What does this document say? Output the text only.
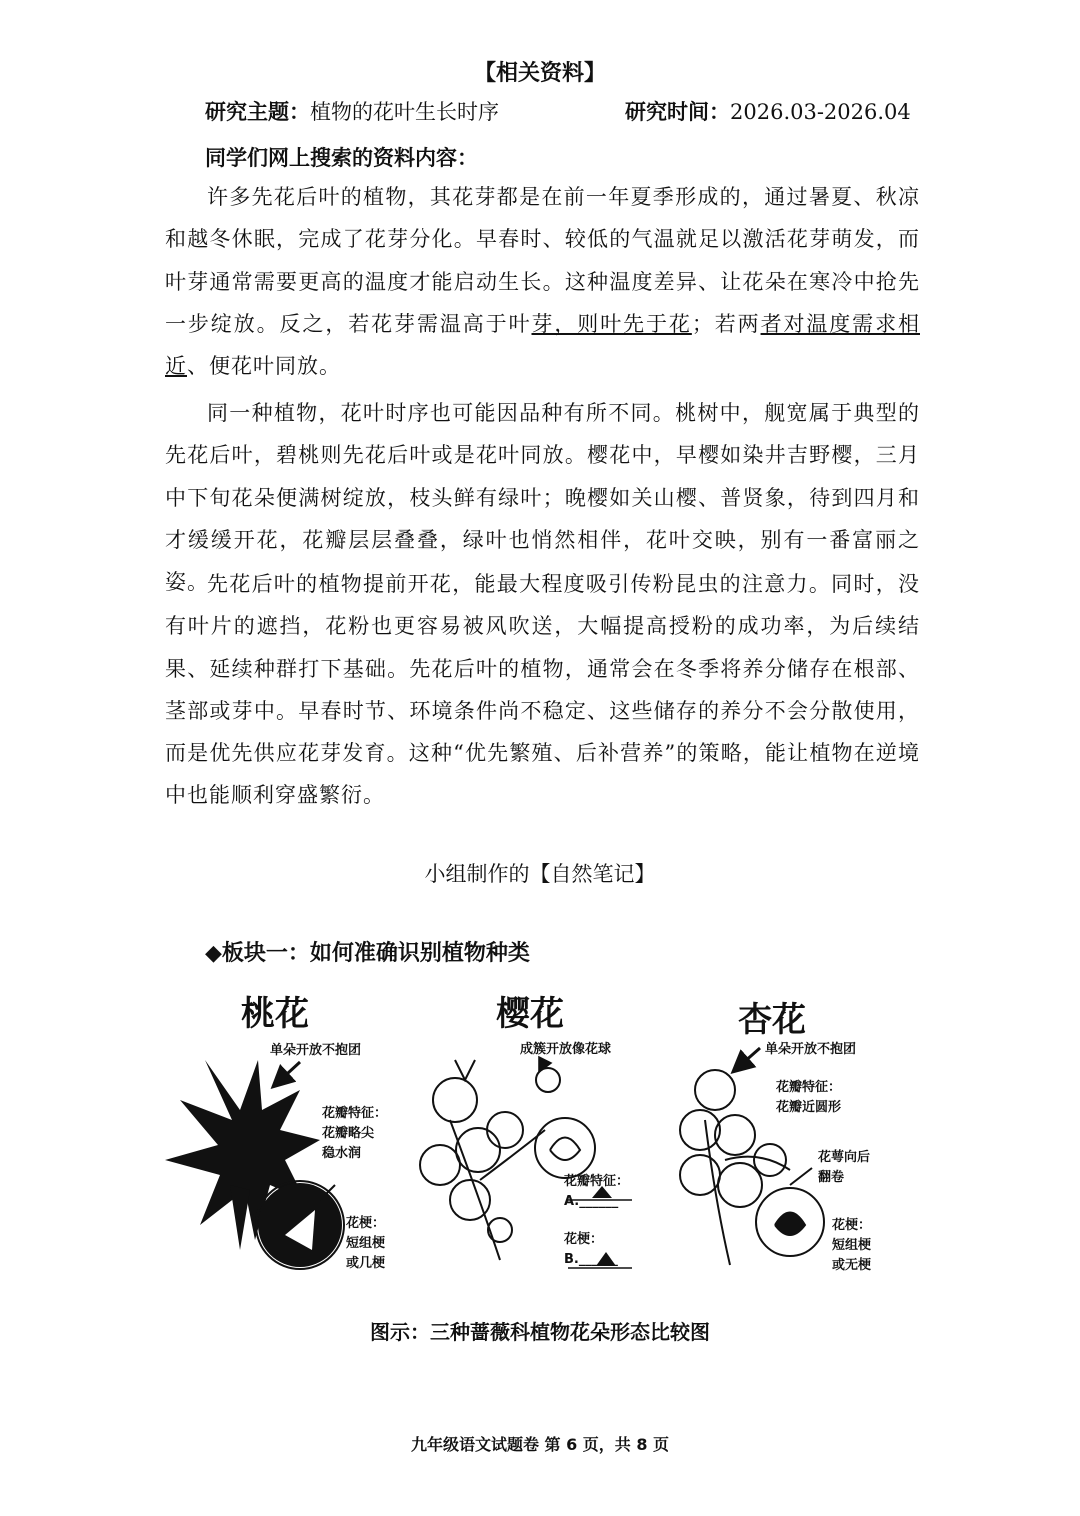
【相关资料】
研究主题：植物的花叶生长时序	研究时间：2026.03-2026.04
同学们网上搜索的资料内容：

许多先花后叶的植物，其花芽都是在前一年夏季形成的，通过暑夏、秋凉和越冬休眠，完成了花芽分化。早春时、较低的气温就足以激活花芽萌发，而叶芽通常需要更高的温度才能启动生长。这种温度差异、让花朵在寒冷中抢先一步绽放。反之，若花芽需温高于叶芽，则叶先于花；若两者对温度需求相近、便花叶同放。

同一种植物，花叶时序也可能因品种有所不同。桃树中，舰宽属于典型的先花后叶，碧桃则先花后叶或是花叶同放。樱花中，早樱如染井吉野樱，三月中下旬花朵便满树绽放，枝头鲜有绿叶；晚樱如关山樱、普贤象，待到四月和才缓缓开花，花瓣层层叠叠，绿叶也悄然相伴，花叶交映，别有一番富丽之姿。

先花后叶的植物提前开花，能最大程度吸引传粉昆虫的注意力。同时，没有叶片的遮挡，花粉也更容易被风吹送，大幅提高授粉的成功率，为后续结果、延续种群打下基础。先花后叶的植物，通常会在冬季将养分储存在根部、茎部或芽中。早春时节、环境条件尚不稳定、这些储存的养分不会分散使用，而是优先供应花芽发育。这种“优先繁殖、后补营养”的策略，能让植物在逆境中也能顺利穿盛繁衍。

小组制作的【自然笔记】
◆板块一：如何准确识别植物种类
桃花	樱花	杏花
单朵开放不抱团
花瓣特征：
花瓣略尖
稳水润
花梗：
短组梗
或几梗
成簇开放像花球
花瓣特征：
A.______
花梗：
B.______
单朵开放不抱团
花瓣特征：
花瓣近圆形
花萼向后
翻卷
花梗：
短组梗
或无梗
图示：三种蔷薇科植物花朵形态比较图
九年级语文试题卷 第 6 页，共 8 页
